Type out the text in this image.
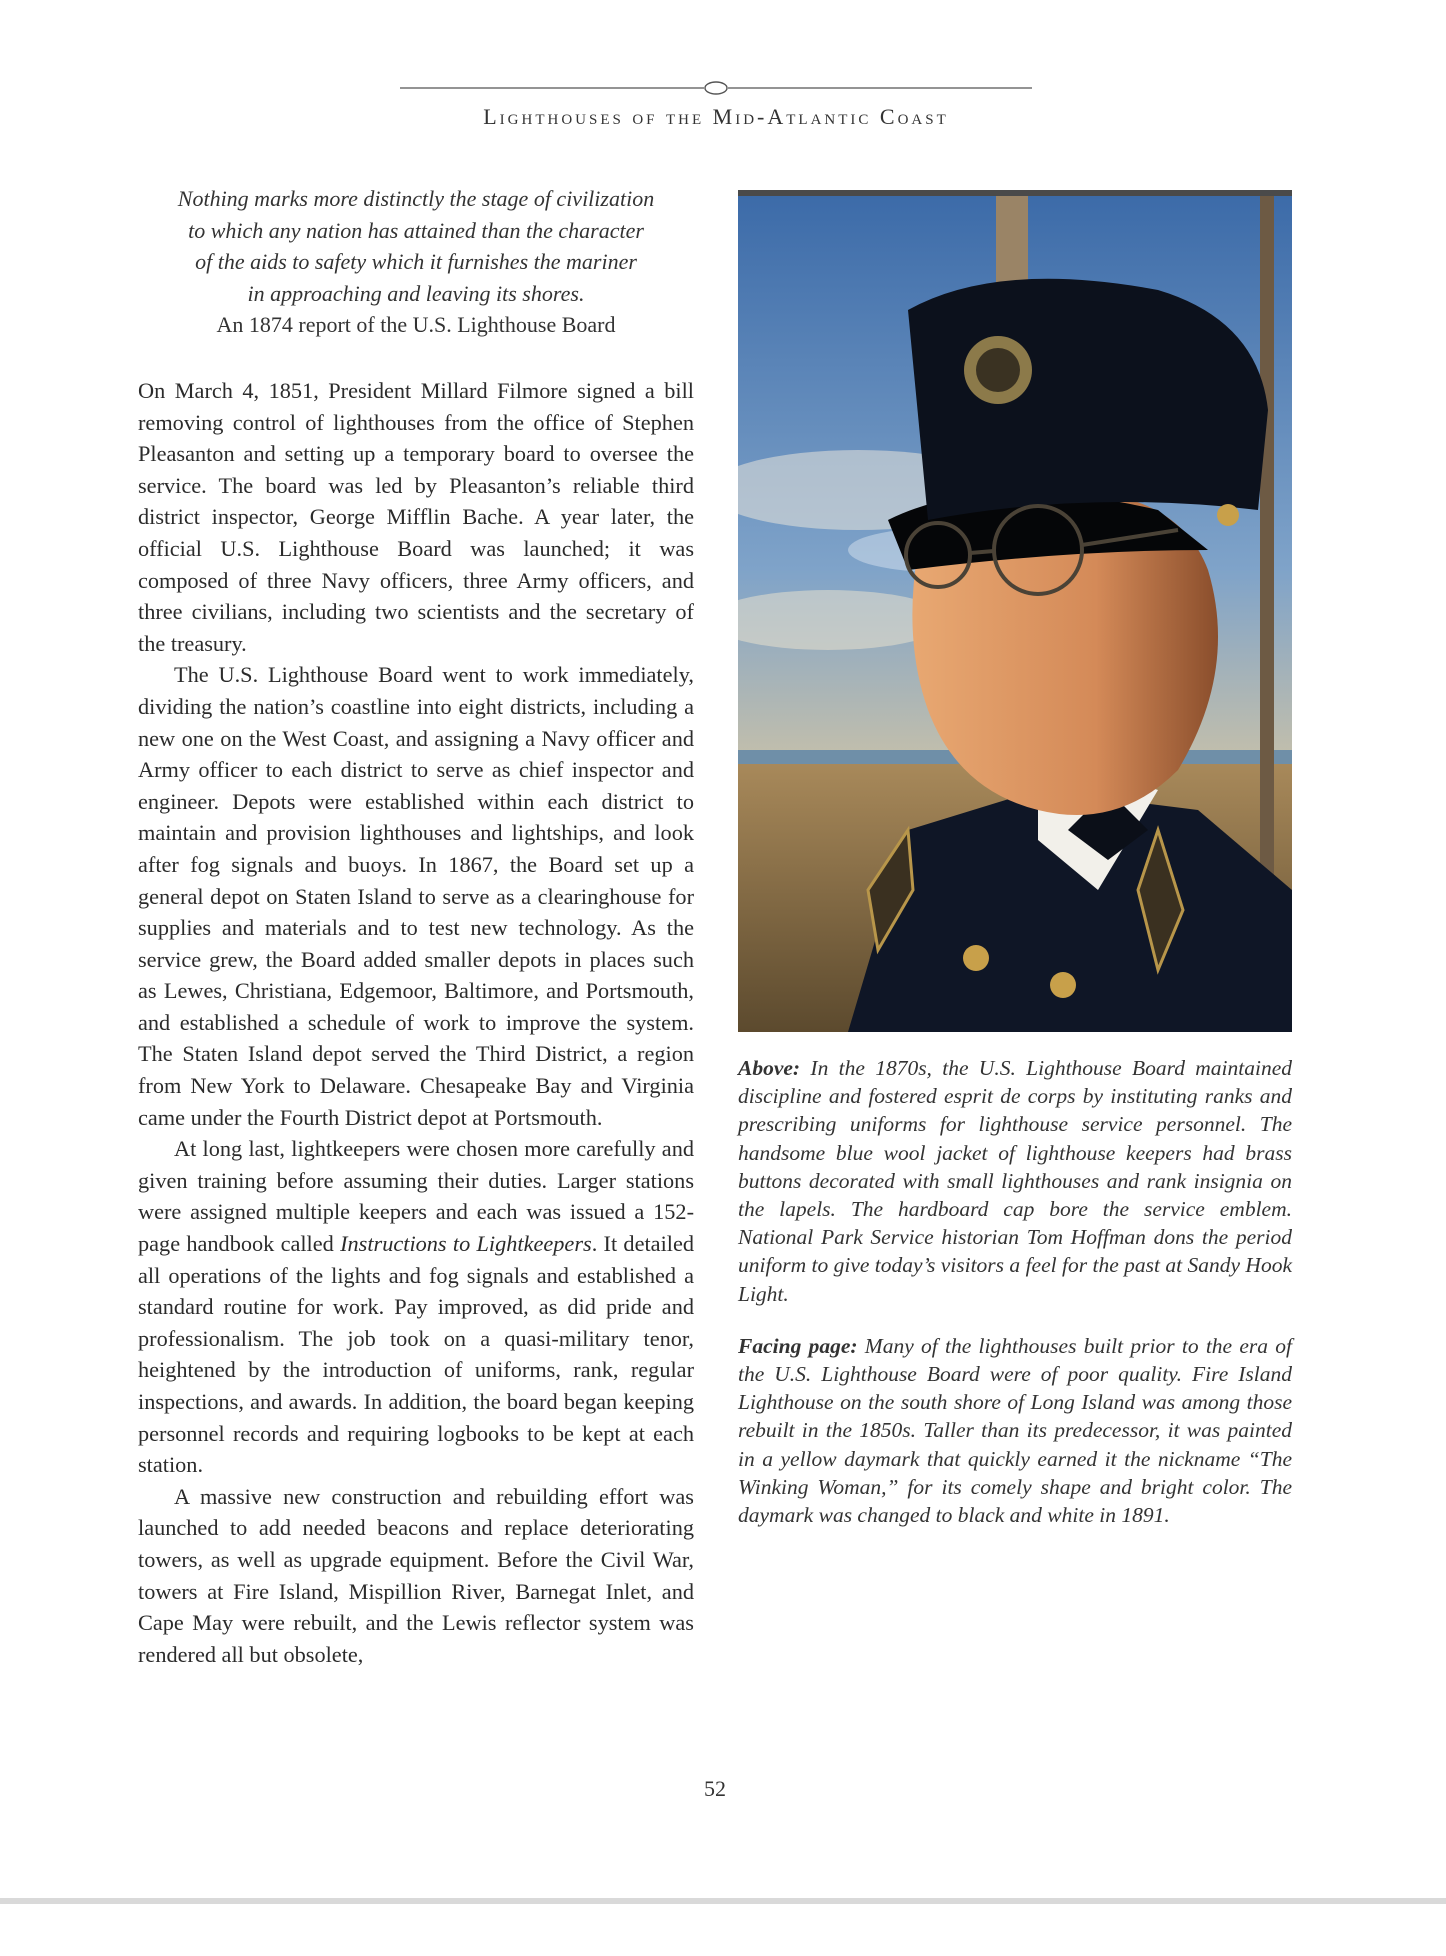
Lighthouses of the Mid-Atlantic Coast
Nothing marks more distinctly the stage of civilization
to which any nation has attained than the character
of the aids to safety which it furnishes the mariner
in approaching and leaving its shores.
An 1874 report of the U.S. Lighthouse Board

On March 4, 1851, President Millard Filmore signed a bill removing control of lighthouses from the office of Stephen Pleasanton and setting up a temporary board to oversee the service. The board was led by Pleasanton’s reliable third district inspector, George Mifflin Bache. A year later, the official U.S. Lighthouse Board was launched; it was composed of three Navy officers, three Army officers, and three civilians, including two scientists and the secretary of the treasury.

The U.S. Lighthouse Board went to work immediately, dividing the nation’s coastline into eight districts, including a new one on the West Coast, and assigning a Navy officer and Army officer to each district to serve as chief inspector and engineer. Depots were established within each district to maintain and provision lighthouses and lightships, and look after fog signals and buoys. In 1867, the Board set up a general depot on Staten Island to serve as a clearinghouse for supplies and materials and to test new technology. As the service grew, the Board added smaller depots in places such as Lewes, Christiana, Edgemoor, Baltimore, and Portsmouth, and established a schedule of work to improve the system. The Staten Island depot served the Third District, a region from New York to Delaware. Chesapeake Bay and Virginia came under the Fourth District depot at Portsmouth.

At long last, lightkeepers were chosen more carefully and given training before assuming their duties. Larger stations were assigned multiple keepers and each was issued a 152-page handbook called Instructions to Lightkeepers. It detailed all operations of the lights and fog signals and established a standard routine for work. Pay improved, as did pride and professionalism. The job took on a quasi-military tenor, heightened by the introduction of uniforms, rank, regular inspections, and awards. In addition, the board began keeping personnel records and requiring logbooks to be kept at each station.

A massive new construction and rebuilding effort was launched to add needed beacons and replace deteriorating towers, as well as upgrade equipment. Before the Civil War, towers at Fire Island, Mispillion River, Barnegat Inlet, and Cape May were rebuilt, and the Lewis reflector system was rendered all but obsolete,

Above: In the 1870s, the U.S. Lighthouse Board maintained discipline and fostered esprit de corps by instituting ranks and prescribing uniforms for lighthouse service personnel. The handsome blue wool jacket of lighthouse keepers had brass buttons decorated with small lighthouses and rank insignia on the lapels. The hardboard cap bore the service emblem. National Park Service historian Tom Hoffman dons the period uniform to give today’s visitors a feel for the past at Sandy Hook Light.

Facing page: Many of the lighthouses built prior to the era of the U.S. Lighthouse Board were of poor quality. Fire Island Lighthouse on the south shore of Long Island was among those rebuilt in the 1850s. Taller than its predecessor, it was painted in a yellow daymark that quickly earned it the nickname “The Winking Woman,” for its comely shape and bright color. The daymark was changed to black and white in 1891.

52
